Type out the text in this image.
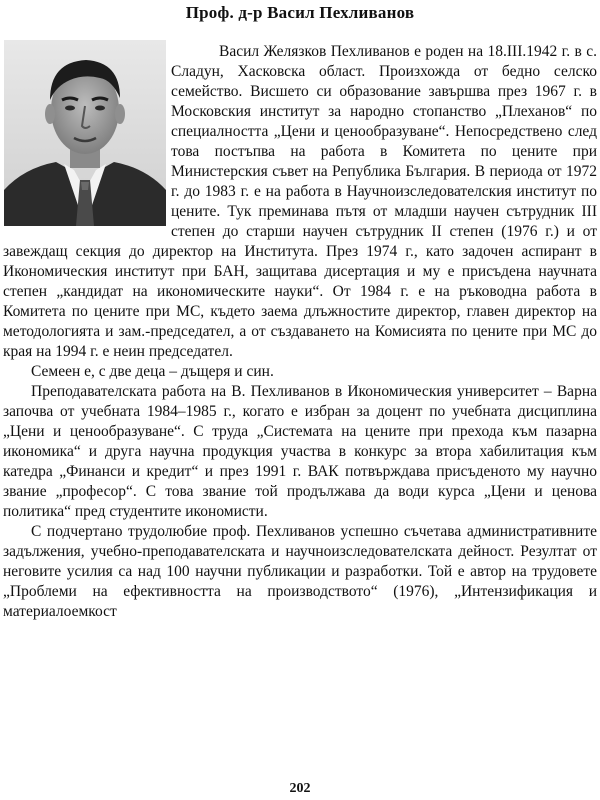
Проф. д-р Васил Пехливанов

Васил Желязков Пехливанов е роден на 18.III.1942 г. в с. Сладун, Хасковска област. Произхожда от бедно селско семейство. Висшето си образование завършва през 1967 г. в Московския институт за народно стопанство „Плеханов“ по специалността „Цени и ценообразуване“. Непосредствено след това постъпва на работа в Комитета по цените при Министерския съвет на Република България. В периода от 1972 г. до 1983 г. е на работа в Научноизследователския институт по цените. Тук преминава пътя от младши научен сътрудник III степен до старши научен сътрудник II степен (1976 г.) и от завеждащ секция до директор на Института. През 1974 г., като задочен аспирант в Икономическия институт при БАН, защитава дисертация и му е присъдена научната степен „кандидат на икономическите науки“. От 1984 г. е на ръководна работа в Комитета по цените при МС, където заема длъжностите директор, главен директор на методологията и зам.-председател, а от създаването на Комисията по цените при МС до края на 1994 г. е неин председател.

Семеен е, с две деца – дъщеря и син.

Преподавателската работа на В. Пехливанов в Икономическия университет – Варна започва от учебната 1984–1985 г., когато е избран за доцент по учебната дисциплина „Цени и ценообразуване“. С труда „Системата на цените при прехода към пазарна икономика“ и друга научна продукция участва в конкурс за втора хабилитация към катедра „Финанси и кредит“ и през 1991 г. ВАК потвърждава присъденото му научно звание „професор“. С това звание той продължава да води курса „Цени и ценова политика“ пред студентите икономисти.

С подчертано трудолюбие проф. Пехливанов успешно съчетава административните задължения, учебно-преподавателската и научноизследователската дейност. Резултат от неговите усилия са над 100 научни публикации и разработки. Той е автор на трудовете „Проблеми на ефективността на производството“ (1976), „Интензификация и материалоемкост

202
